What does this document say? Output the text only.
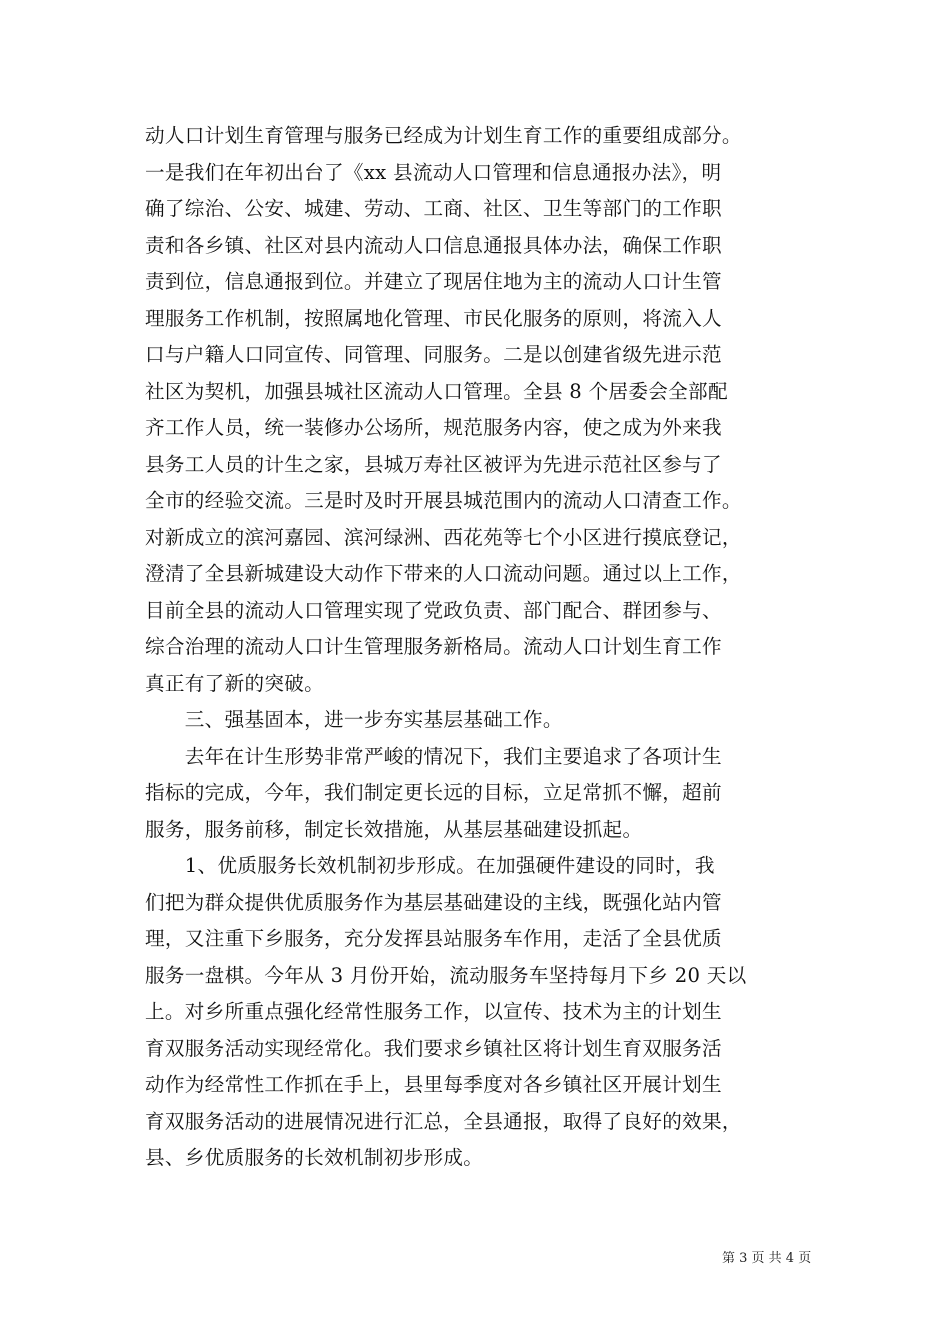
动人口计划生育管理与服务已经成为计划生育工作的重要组成部分。
一是我们在年初出台了《xx 县流动人口管理和信息通报办法》，明
确了综治、公安、城建、劳动、工商、社区、卫生等部门的工作职
责和各乡镇、社区对县内流动人口信息通报具体办法，确保工作职
责到位，信息通报到位。并建立了现居住地为主的流动人口计生管
理服务工作机制，按照属地化管理、市民化服务的原则，将流入人
口与户籍人口同宣传、同管理、同服务。二是以创建省级先进示范
社区为契机，加强县城社区流动人口管理。全县 8 个居委会全部配
齐工作人员，统一装修办公场所，规范服务内容，使之成为外来我
县务工人员的计生之家，县城万寿社区被评为先进示范社区参与了
全市的经验交流。三是时及时开展县城范围内的流动人口清查工作。
对新成立的滨河嘉园、滨河绿洲、西花苑等七个小区进行摸底登记，
澄清了全县新城建设大动作下带来的人口流动问题。通过以上工作，
目前全县的流动人口管理实现了党政负责、部门配合、群团参与、
综合治理的流动人口计生管理服务新格局。流动人口计划生育工作
真正有了新的突破。
　　三、强基固本，进一步夯实基层基础工作。
　　去年在计生形势非常严峻的情况下，我们主要追求了各项计生
指标的完成，今年，我们制定更长远的目标，立足常抓不懈，超前
服务，服务前移，制定长效措施，从基层基础建设抓起。
　　1、优质服务长效机制初步形成。在加强硬件建设的同时，我
们把为群众提供优质服务作为基层基础建设的主线，既强化站内管
理，又注重下乡服务，充分发挥县站服务车作用，走活了全县优质
服务一盘棋。今年从 3 月份开始，流动服务车坚持每月下乡 20 天以
上。对乡所重点强化经常性服务工作，以宣传、技术为主的计划生
育双服务活动实现经常化。我们要求乡镇社区将计划生育双服务活
动作为经常性工作抓在手上，县里每季度对各乡镇社区开展计划生
育双服务活动的进展情况进行汇总，全县通报，取得了良好的效果，
县、乡优质服务的长效机制初步形成。
第 3 页 共 4 页
